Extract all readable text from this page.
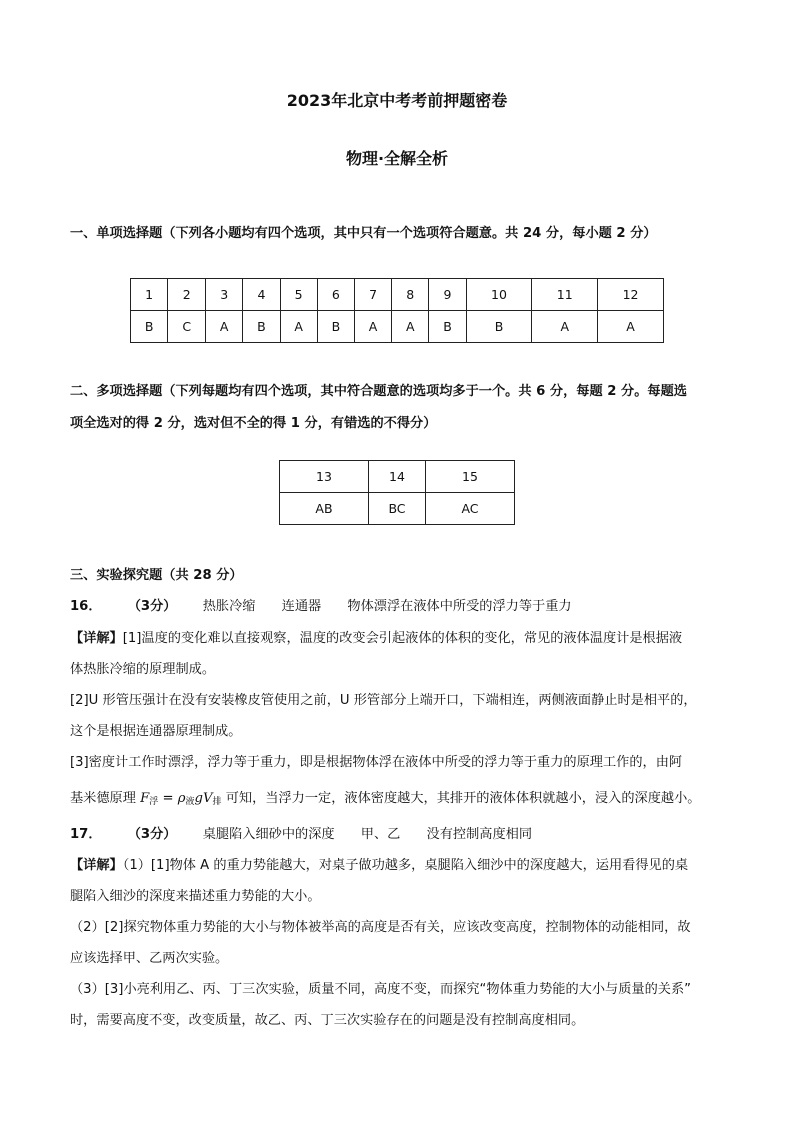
2023年北京中考考前押题密卷
物理·全解全析
一、单项选择题（下列各小题均有四个选项，其中只有一个选项符合题意。共 24 分，每小题 2 分）
1	2	3	4	5	6	7	8	9	10	11	12
B	C	A	B	A	B	A	A	B	B	A	A
二、多项选择题（下列每题均有四个选项，其中符合题意的选项均多于一个。共 6 分，每题 2 分。每题选
项全选对的得 2 分，选对但不全的得 1 分，有错选的不得分）
13	14	15
AB	BC	AC
三、实验探究题（共 28 分）
16． （3分） 热胀冷缩 连通器 物体漂浮在液体中所受的浮力等于重力
【详解】[1]温度的变化难以直接观察，温度的改变会引起液体的体积的变化，常见的液体温度计是根据液
体热胀冷缩的原理制成。
[2]U 形管压强计在没有安装橡皮管使用之前，U 形管部分上端开口，下端相连，两侧液面静止时是相平的，
这个是根据连通器原理制成。
[3]密度计工作时漂浮，浮力等于重力，即是根据物体浮在液体中所受的浮力等于重力的原理工作的，由阿
基米德原理 $F_浮 = \rho_液gV_排$ 可知，当浮力一定，液体密度越大，其排开的液体体积就越小，浸入的深度越小。
17． （3分） 桌腿陷入细砂中的深度 甲、乙 没有控制高度相同
【详解】（1）[1]物体 A 的重力势能越大，对桌子做功越多，桌腿陷入细沙中的深度越大，运用看得见的桌
腿陷入细沙的深度来描述重力势能的大小。
（2）[2]探究物体重力势能的大小与物体被举高的高度是否有关，应该改变高度，控制物体的动能相同，故
应该选择甲、乙两次实验。
（3）[3]小亮利用乙、丙、丁三次实验，质量不同，高度不变，而探究“物体重力势能的大小与质量的关系”
时，需要高度不变，改变质量，故乙、丙、丁三次实验存在的问题是没有控制高度相同。
